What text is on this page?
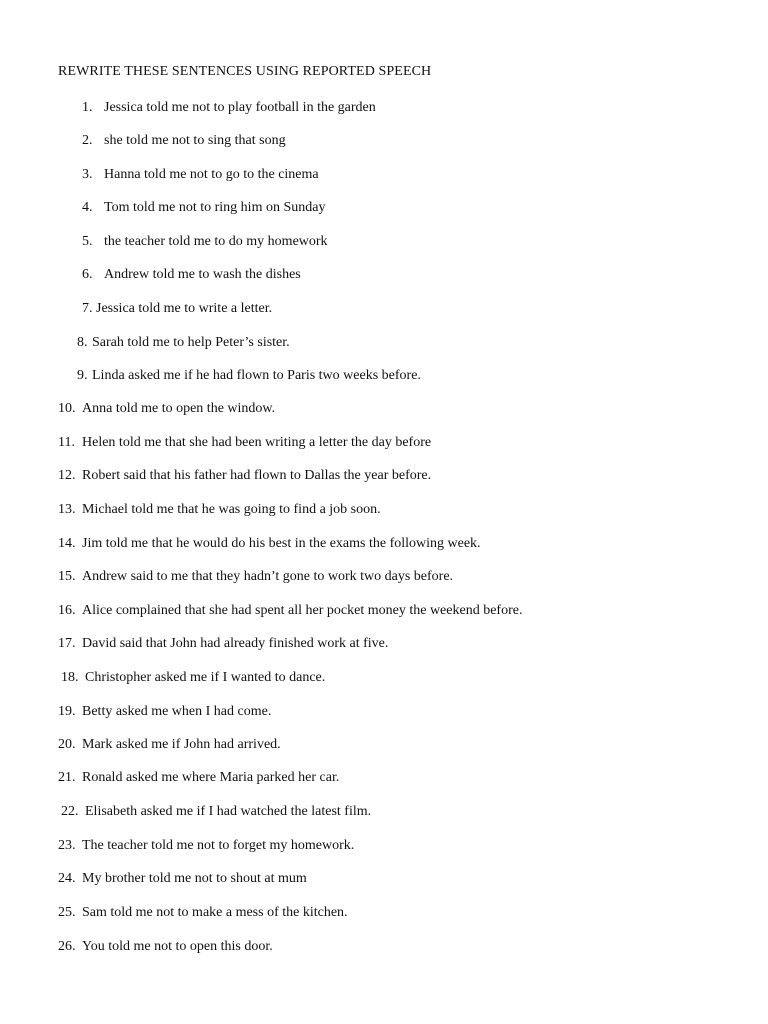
REWRITE THESE SENTENCES USING REPORTED SPEECH
1. Jessica told me not to play football in the garden
2. she told me not to sing that song
3. Hanna told me not to go to the cinema
4. Tom told me not to ring him on Sunday
5. the teacher told me to do my homework
6. Andrew told me to wash the dishes
7. Jessica told me to write a letter.
8. Sarah told me to help Peter’s sister.
9. Linda asked me if he had flown to Paris two weeks before.
10. Anna told me to open the window.
11. Helen told me that she had been writing a letter the day before
12. Robert said that his father had flown to Dallas the year before.
13. Michael told me that he was going to find a job soon.
14. Jim told me that he would do his best in the exams the following week.
15. Andrew said to me that they hadn’t gone to work two days before.
16. Alice complained that she had spent all her pocket money the weekend before.
17. David said that John had already finished work at five.
18. Christopher asked me if I wanted to dance.
19. Betty asked me when I had come.
20. Mark asked me if John had arrived.
21. Ronald asked me where Maria parked her car.
22. Elisabeth asked me if I had watched the latest film.
23. The teacher told me not to forget my homework.
24. My brother told me not to shout at mum
25. Sam told me not to make a mess of the kitchen.
26. You told me not to open this door.
